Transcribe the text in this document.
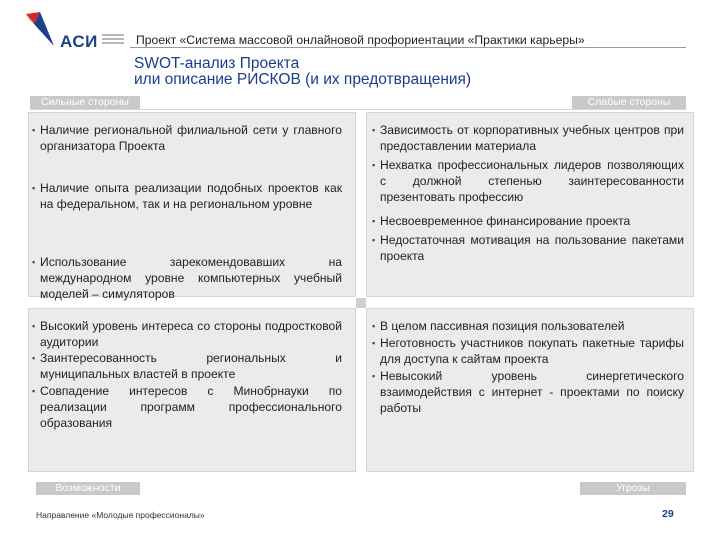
АСИ	Проект «Система массовой онлайновой профориентации «Практики карьеры»
SWOT-анализ Проекта
или описание РИСКОВ (и их предотвращения)
Сильные стороны	Слабые стороны
▪ Наличие региональной филиальной сети у главного организатора Проекта
▪ Наличие опыта реализации подобных проектов как на федеральном, так и на региональном уровне
▪ Использование зарекомендовавших на международном уровне компьютерных учебный моделей – симуляторов
▪ Зависимость от корпоративных учебных центров при предоставлении материала
▪ Нехватка профессиональных лидеров позволяющих с должной степенью заинтересованности презентовать профессию
▪ Несвоевременное финансирование проекта
▪ Недостаточная мотивация на пользование пакетами проекта
▪ Высокий уровень интереса со стороны подростковой аудитории
▪ Заинтересованность региональных и муниципальных властей в проекте
▪ Совпадение интересов с Минобрнауки по реализации программ профессионального образования
▪ В целом пассивная позиция пользователей
▪ Неготовность участников покупать пакетные тарифы для доступа к сайтам проекта
▪ Невысокий уровень синергетического взаимодействия с интернет - проектами по поиску работы
Возможности	Угрозы
Направление «Молодые профессионалы»	29
